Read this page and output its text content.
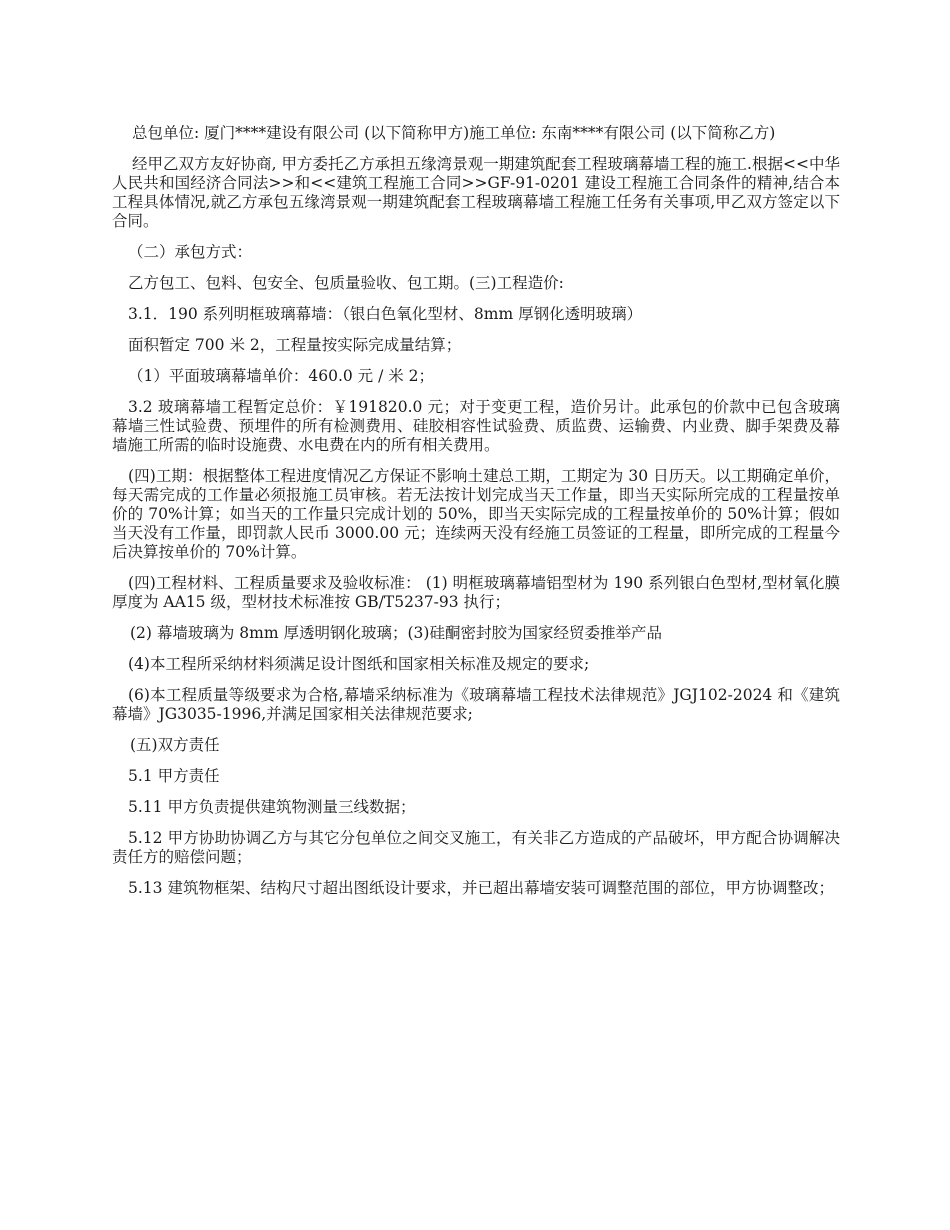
总包单位: 厦门****建设有限公司 (以下简称甲方)施工单位: 东南****有限公司 (以下简称乙方)

经甲乙双方友好协商, 甲方委托乙方承担五缘湾景观一期建筑配套工程玻璃幕墙工程的施工.根据<<中华人民共和国经济合同法>>和<<建筑工程施工合同>>GF-91-0201 建设工程施工合同条件的精神,结合本工程具体情况,就乙方承包五缘湾景观一期建筑配套工程玻璃幕墙工程施工任务有关事项,甲乙双方签定以下合同。

（二）承包方式：

乙方包工、包料、包安全、包质量验收、包工期。(三)工程造价:

3.1．190 系列明框玻璃幕墙：（银白色氧化型材、8mm 厚钢化透明玻璃）

面积暂定 700 米 2，工程量按实际完成量结算；

（1）平面玻璃幕墙单价：460.0 元 / 米 2；

3.2 玻璃幕墙工程暂定总价：￥191820.0 元；对于变更工程，造价另计。此承包的价款中已包含玻璃幕墙三性试验费、预埋件的所有检测费用、硅胶相容性试验费、质监费、运输费、内业费、脚手架费及幕墙施工所需的临时设施费、水电费在内的所有相关费用。

(四)工期：根据整体工程进度情况乙方保证不影响土建总工期，工期定为 30 日历天。以工期确定单价，每天需完成的工作量必须报施工员审核。若无法按计划完成当天工作量，即当天实际所完成的工程量按单价的 70%计算；如当天的工作量只完成计划的 50%，即当天实际完成的工程量按单价的 50%计算；假如当天没有工作量，即罚款人民币 3000.00 元；连续两天没有经施工员签证的工程量，即所完成的工程量今后决算按单价的 70%计算。

(四)工程材料、工程质量要求及验收标准： (1) 明框玻璃幕墙铝型材为 190 系列银白色型材,型材氧化膜厚度为 AA15 级，型材技术标准按 GB/T5237-93 执行；

(2) 幕墙玻璃为 8mm 厚透明钢化玻璃；(3)硅酮密封胶为国家经贸委推举产品

(4)本工程所采纳材料须满足设计图纸和国家相关标准及规定的要求;

(6)本工程质量等级要求为合格,幕墙采纳标准为《玻璃幕墙工程技术法律规范》JGJ102-2024 和《建筑幕墙》JG3035-1996,并满足国家相关法律规范要求;

(五)双方责任

5.1 甲方责任

5.11 甲方负责提供建筑物测量三线数据；

5.12 甲方协助协调乙方与其它分包单位之间交叉施工，有关非乙方造成的产品破坏，甲方配合协调解决责任方的赔偿问题；

5.13 建筑物框架、结构尺寸超出图纸设计要求，并已超出幕墙安装可调整范围的部位，甲方协调整改；
